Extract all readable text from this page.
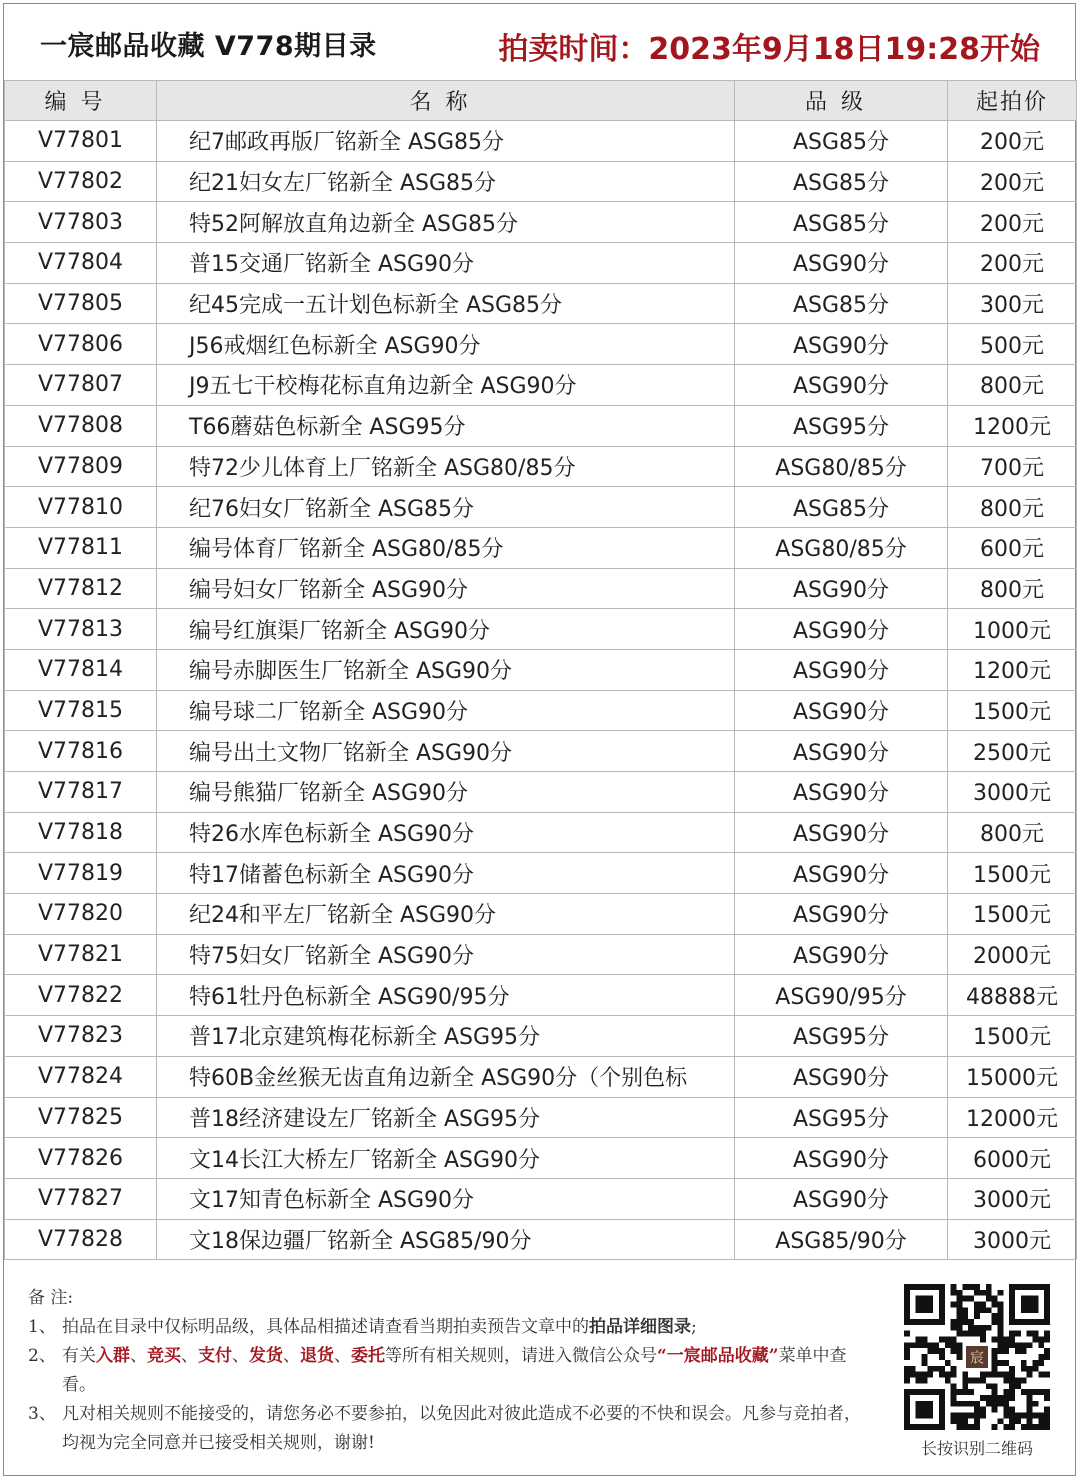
一宸邮品收藏 V778期目录	拍卖时间：2023年9月18日19:28开始
编号	名称	品级	起拍价
V77801	纪7邮政再版厂铭新全 ASG85分	ASG85分	200元
V77802	纪21妇女左厂铭新全 ASG85分	ASG85分	200元
V77803	特52阿解放直角边新全 ASG85分	ASG85分	200元
V77804	普15交通厂铭新全 ASG90分	ASG90分	200元
V77805	纪45完成一五计划色标新全 ASG85分	ASG85分	300元
V77806	J56戒烟红色标新全 ASG90分	ASG90分	500元
V77807	J9五七干校梅花标直角边新全 ASG90分	ASG90分	800元
V77808	T66蘑菇色标新全 ASG95分	ASG95分	1200元
V77809	特72少儿体育上厂铭新全 ASG80/85分	ASG80/85分	700元
V77810	纪76妇女厂铭新全 ASG85分	ASG85分	800元
V77811	编号体育厂铭新全 ASG80/85分	ASG80/85分	600元
V77812	编号妇女厂铭新全 ASG90分	ASG90分	800元
V77813	编号红旗渠厂铭新全 ASG90分	ASG90分	1000元
V77814	编号赤脚医生厂铭新全 ASG90分	ASG90分	1200元
V77815	编号球二厂铭新全 ASG90分	ASG90分	1500元
V77816	编号出土文物厂铭新全 ASG90分	ASG90分	2500元
V77817	编号熊猫厂铭新全 ASG90分	ASG90分	3000元
V77818	特26水库色标新全 ASG90分	ASG90分	800元
V77819	特17储蓄色标新全 ASG90分	ASG90分	1500元
V77820	纪24和平左厂铭新全 ASG90分	ASG90分	1500元
V77821	特75妇女厂铭新全 ASG90分	ASG90分	2000元
V77822	特61牡丹色标新全 ASG90/95分	ASG90/95分	48888元
V77823	普17北京建筑梅花标新全 ASG95分	ASG95分	1500元
V77824	特60B金丝猴无齿直角边新全 ASG90分（个别色标	ASG90分	15000元
V77825	普18经济建设左厂铭新全 ASG95分	ASG95分	12000元
V77826	文14长江大桥左厂铭新全 ASG90分	ASG90分	6000元
V77827	文17知青色标新全 ASG90分	ASG90分	3000元
V77828	文18保边疆厂铭新全 ASG85/90分	ASG85/90分	3000元
备 注:
1、 拍品在目录中仅标明品级，具体品相描述请查看当期拍卖预告文章中的拍品详细图录;
2、 有关入群、竞买、支付、发货、退货、委托等所有相关规则，请进入微信公众号“一宸邮品收藏”菜单中查看。
3、 凡对相关规则不能接受的，请您务必不要参拍，以免因此对彼此造成不必要的不快和误会。凡参与竞拍者，均视为完全同意并已接受相关规则，谢谢!
宸
长按识别二维码
